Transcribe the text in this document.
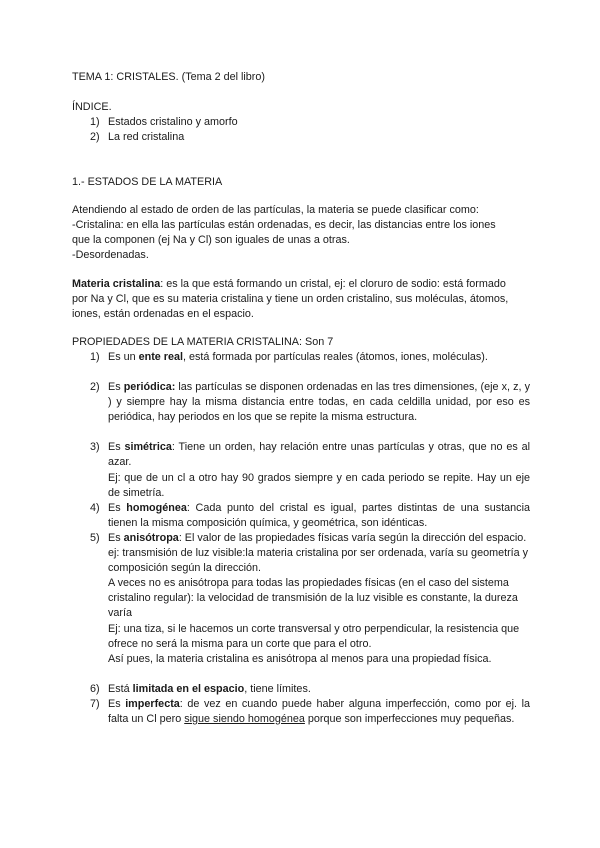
TEMA 1: CRISTALES. (Tema 2 del libro)

ÍNDICE.

1) Estados cristalino y amorfo
2) La red cristalina

1.- ESTADOS DE LA MATERIA

Atendiendo al estado de orden de las partículas, la materia se puede clasificar como:

-Cristalina: en ella las partículas están ordenadas, es decir, las distancias entre los iones

que la componen (ej Na y Cl) son iguales de unas a otras.

-Desordenadas.

Materia cristalina: es la que está formando un cristal, ej: el cloruro de sodio: está formado

por Na y Cl, que es su materia cristalina y tiene un orden cristalino, sus moléculas, átomos,

iones, están ordenadas en el espacio.

PROPIEDADES DE LA MATERIA CRISTALINA: Son 7

1) Es un ente real, está formada por partículas reales (átomos, iones, moléculas).
2) Es periódica: las partículas se disponen ordenadas en las tres dimensiones, (eje x, z, y ) y siempre hay la misma distancia entre todas, en cada celdilla unidad, por eso es periódica, hay periodos en los que se repite la misma estructura.
3) Es simétrica: Tiene un orden, hay relación entre unas partículas y otras, que no es al azar.
Ej: que de un cl a otro hay 90 grados siempre y en cada periodo se repite. Hay un eje de simetría.
4) Es homogénea: Cada punto del cristal es igual, partes distintas de una sustancia tienen la misma composición química, y geométrica, son idénticas.
5) Es anisótropa: El valor de las propiedades físicas varía según la dirección del espacio.
ej: transmisión de luz visible:la materia cristalina por ser ordenada, varía su geometría y composición según la dirección.
A veces no es anisótropa para todas las propiedades físicas (en el caso del sistema cristalino regular): la velocidad de transmisión de la luz visible es constante, la dureza varía
Ej: una tiza, si le hacemos un corte transversal y otro perpendicular, la resistencia que ofrece no será la misma para un corte que para el otro.
Así pues, la materia cristalina es anisótropa al menos para una propiedad física.
6) Está limitada en el espacio, tiene límites.
7) Es imperfecta: de vez en cuando puede haber alguna imperfección, como por ej. la falta un Cl pero sigue siendo homogénea porque son imperfecciones muy pequeñas.
